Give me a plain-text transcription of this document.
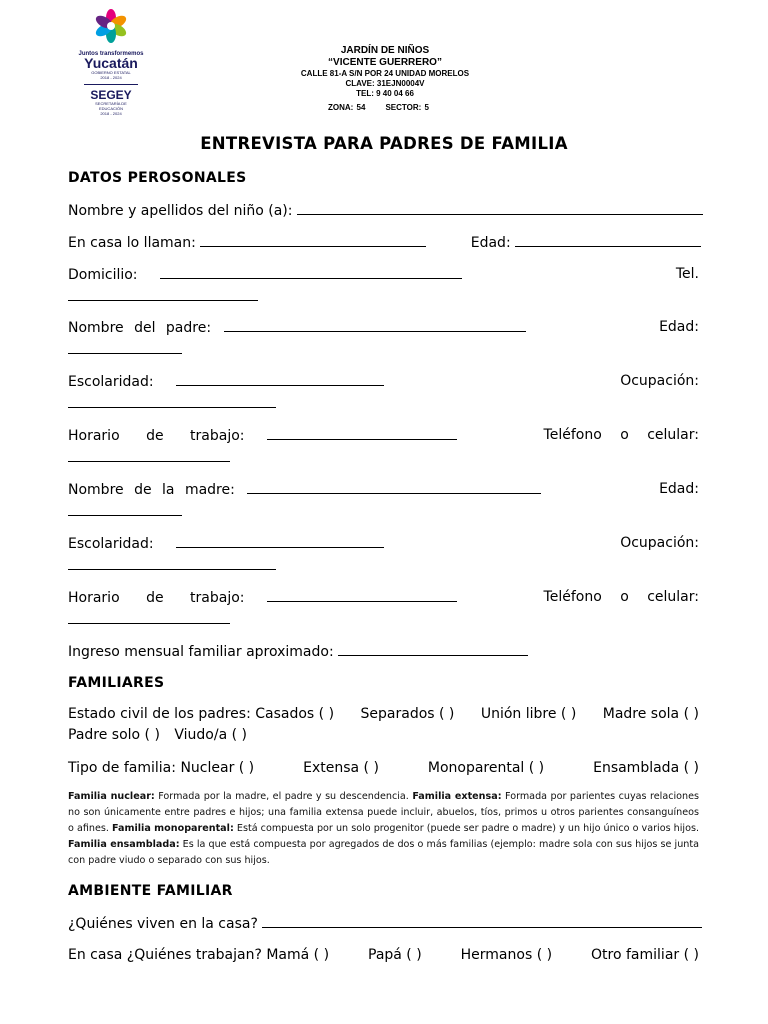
Juntos transformemos
Yucatán
GOBIERNO ESTATAL
2018 - 2024
SEGEY
SECRETARÍA DE
EDUCACIÓN
2018 - 2024
JARDÍN DE NIÑOS
“VICENTE GUERRERO”
CALLE 81-A S/N POR 24 UNIDAD MORELOS
CLAVE: 31EJN0004V
TEL: 9 40 04 66
ZONA: 54	SECTOR: 5
ENTREVISTA PARA PADRES DE FAMILIA
DATOS PEROSONALES
Nombre y apellidos del niño (a):
En casa lo llaman:	Edad:
Domicilio:	Tel.
Nombre del padre:	Edad:
Escolaridad:	Ocupación:
Horario de trabajo:	Teléfono o celular:
Nombre de la madre:	Edad:
Escolaridad:	Ocupación:
Horario de trabajo:	Teléfono o celular:
Ingreso mensual familiar aproximado:
FAMILIARES
Estado civil de los padres: Casados ( ) Separados ( ) Unión libre ( ) Madre sola ( )
Padre solo ( ) Viudo/a ( )
Tipo de familia: Nuclear ( )	Extensa ( )	Monoparental ( )	Ensamblada ( )
Familia nuclear: Formada por la madre, el padre y su descendencia. Familia extensa: Formada por parientes cuyas relaciones no son únicamente entre padres e hijos; una familia extensa puede incluir, abuelos, tíos, primos u otros parientes consanguíneos o afines. Familia monoparental: Está compuesta por un solo progenitor (puede ser padre o madre) y un hijo único o varios hijos. Familia ensamblada: Es la que está compuesta por agregados de dos o más familias (ejemplo: madre sola con sus hijos se junta con padre viudo o separado con sus hijos.
AMBIENTE FAMILIAR
¿Quiénes viven en la casa?
En casa ¿Quiénes trabajan? Mamá ( )	Papá ( )	Hermanos ( )	Otro familiar ( )
